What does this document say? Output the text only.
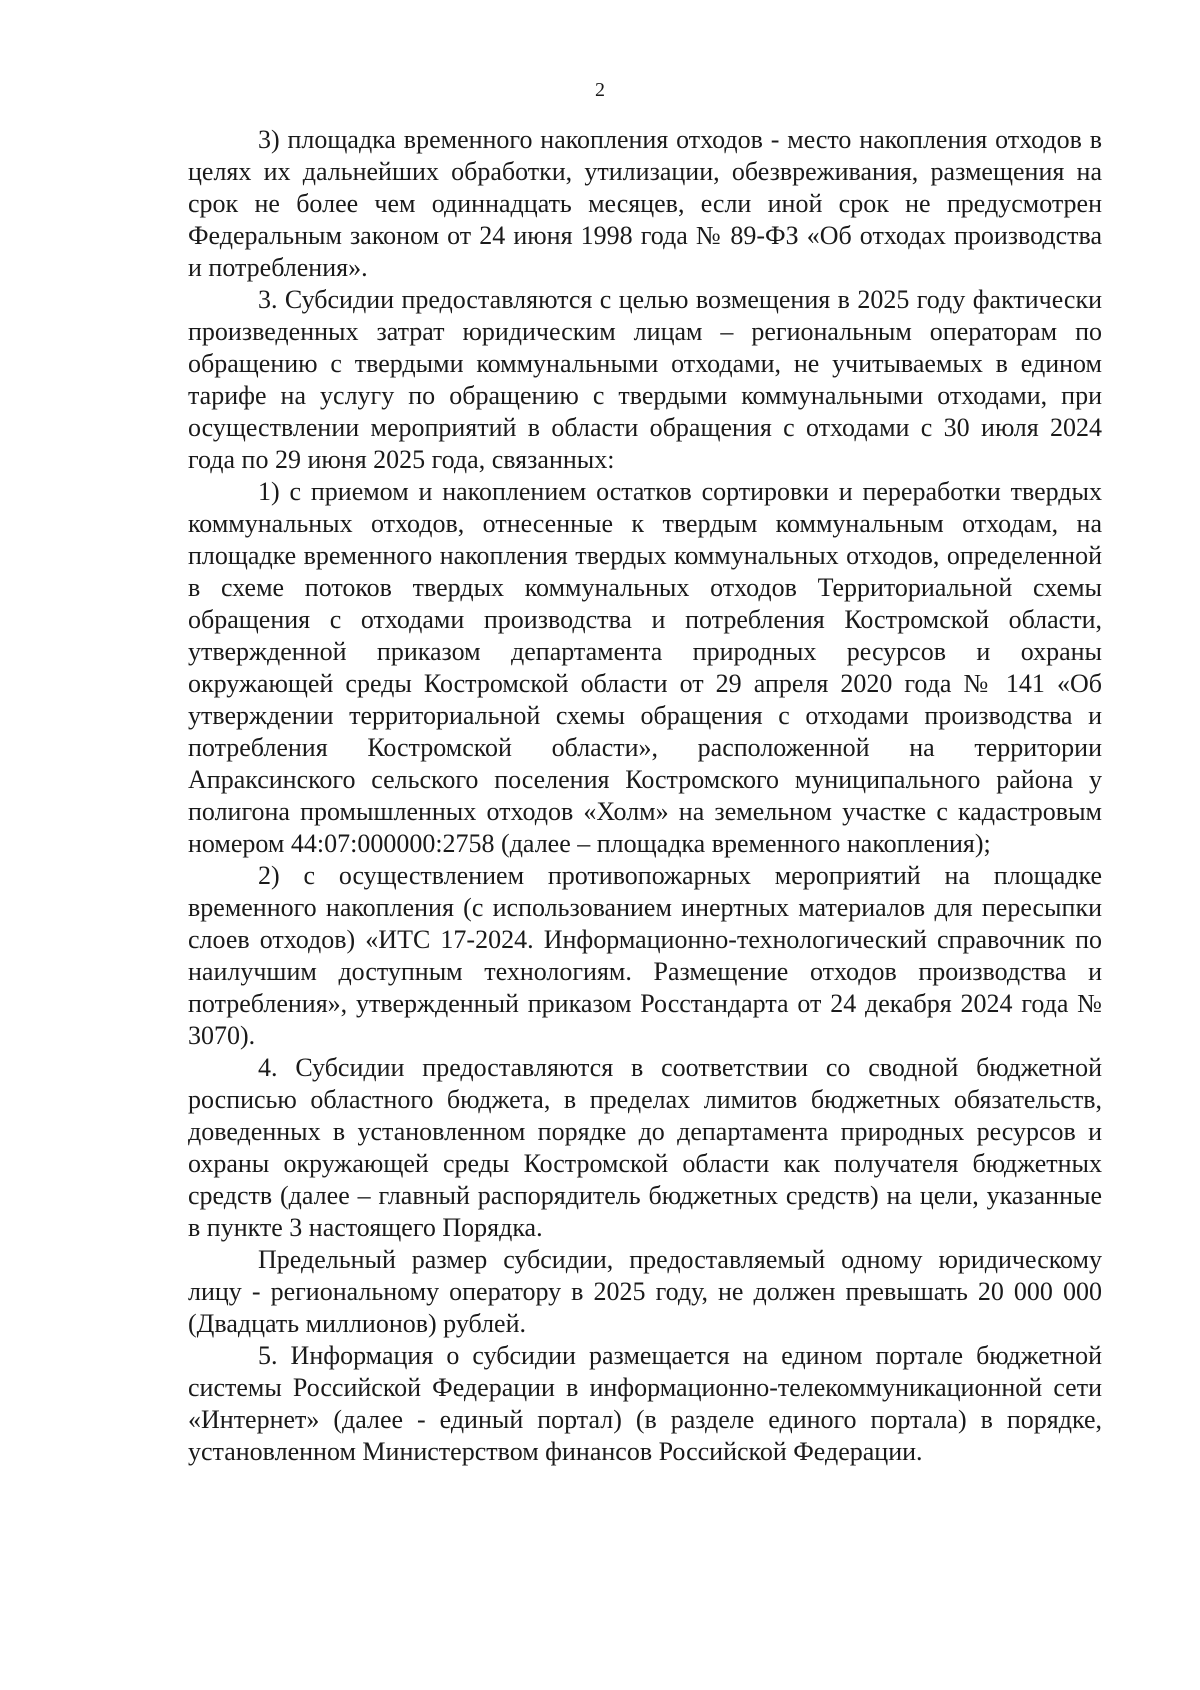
2

3) площадка временного накопления отходов - место накопления отходов в целях их дальнейших обработки, утилизации, обезвреживания, размещения на срок не более чем одиннадцать месяцев, если иной срок не предусмотрен Федеральным законом от 24 июня 1998 года № 89-ФЗ «Об отходах производства и потребления».

3. Субсидии предоставляются с целью возмещения в 2025 году фактически произведенных затрат юридическим лицам – региональным операторам по обращению с твердыми коммунальными отходами, не учитываемых в едином тарифе на услугу по обращению с твердыми коммунальными отходами, при осуществлении мероприятий в области обращения с отходами с 30 июля 2024 года по 29 июня 2025 года, связанных:

1) с приемом и накоплением остатков сортировки и переработки твердых коммунальных отходов, отнесенные к твердым коммунальным отходам, на площадке временного накопления твердых коммунальных отходов, определенной в схеме потоков твердых коммунальных отходов Территориальной схемы обращения с отходами производства и потребления Костромской области, утвержденной приказом департамента природных ресурсов и охраны окружающей среды Костромской области от 29 апреля 2020 года № 141 «Об утверждении территориальной схемы обращения с отходами производства и потребления Костромской области», расположенной на территории Апраксинского сельского поселения Костромского муниципального района у полигона промышленных отходов «Холм» на земельном участке с кадастровым номером 44:07:000000:2758 (далее – площадка временного накопления);

2) с осуществлением противопожарных мероприятий на площадке временного накопления (с использованием инертных материалов для пересыпки слоев отходов) «ИТС 17-2024. Информационно-технологический справочник по наилучшим доступным технологиям. Размещение отходов производства и потребления», утвержденный приказом Росстандарта от 24 декабря 2024 года № 3070).

4. Субсидии предоставляются в соответствии со сводной бюджетной росписью областного бюджета, в пределах лимитов бюджетных обязательств, доведенных в установленном порядке до департамента природных ресурсов и охраны окружающей среды Костромской области как получателя бюджетных средств (далее – главный распорядитель бюджетных средств) на цели, указанные в пункте 3 настоящего Порядка.

Предельный размер субсидии, предоставляемый одному юридическому лицу - региональному оператору в 2025 году, не должен превышать 20 000 000 (Двадцать миллионов) рублей.

5. Информация о субсидии размещается на едином портале бюджетной системы Российской Федерации в информационно-телекоммуникационной сети «Интернет» (далее - единый портал) (в разделе единого портала) в порядке, установленном Министерством финансов Российской Федерации.
